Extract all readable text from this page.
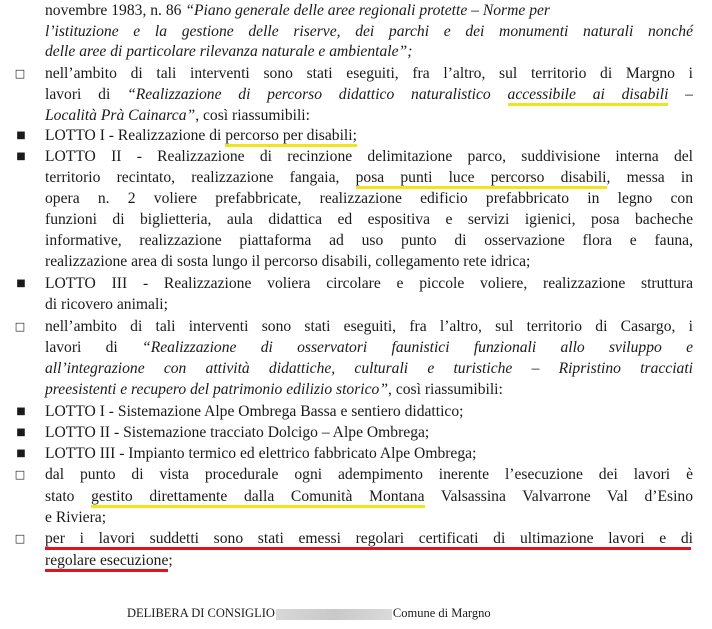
novembre 1983, n. 86 “Piano generale delle aree regionali protette – Norme per
l’istituzione e la gestione delle riserve, dei parchi e dei monumenti naturali nonché
delle aree di particolare rilevanza naturale e ambientale”;
□ nell’ambito di tali interventi sono stati eseguiti, fra l’altro, sul territorio di Margno i
lavori di “Realizzazione di percorso didattico naturalistico accessibile ai disabili –
Località Prà Cainarca”, così riassumibili:
■ LOTTO I - Realizzazione di percorso per disabili;
■ LOTTO II - Realizzazione di recinzione delimitazione parco, suddivisione interna del
territorio recintato, realizzazione fangaia, posa punti luce percorso disabili, messa in
opera n. 2 voliere prefabbricate, realizzazione edificio prefabbricato in legno con
funzioni di biglietteria, aula didattica ed espositiva e servizi igienici, posa bacheche
informative, realizzazione piattaforma ad uso punto di osservazione flora e fauna,
realizzazione area di sosta lungo il percorso disabili, collegamento rete idrica;
■ LOTTO III - Realizzazione voliera circolare e piccole voliere, realizzazione struttura
di ricovero animali;
□ nell’ambito di tali interventi sono stati eseguiti, fra l’altro, sul territorio di Casargo, i
lavori di “Realizzazione di osservatori faunistici funzionali allo sviluppo e
all’integrazione con attività didattiche, culturali e turistiche – Ripristino tracciati
preesistenti e recupero del patrimonio edilizio storico”, così riassumibili:
■ LOTTO I - Sistemazione Alpe Ombrega Bassa e sentiero didattico;
■ LOTTO II - Sistemazione tracciato Dolcigo – Alpe Ombrega;
■ LOTTO III - Impianto termico ed elettrico fabbricato Alpe Ombrega;
□ dal punto di vista procedurale ogni adempimento inerente l’esecuzione dei lavori è
stato gestito direttamente dalla Comunità Montana Valsassina Valvarrone Val d’Esino
e Riviera;
□ per i lavori suddetti sono stati emessi regolari certificati di ultimazione lavori e di
regolare esecuzione;
DELIBERA DI CONSIGLIO	Comune di Margno
